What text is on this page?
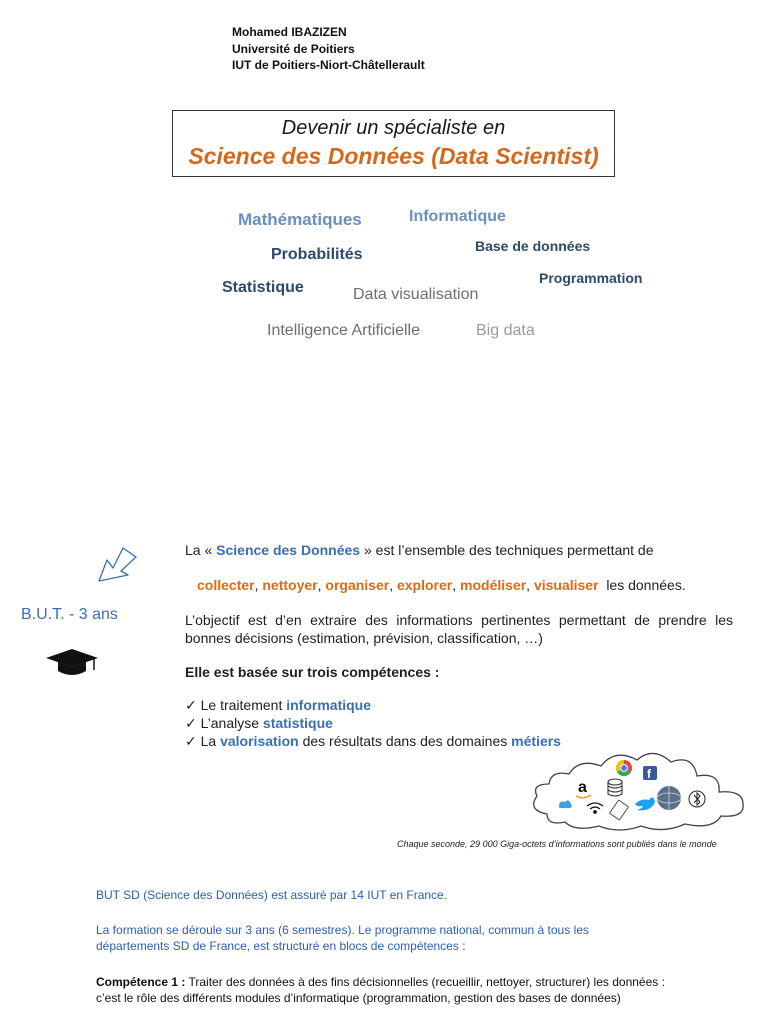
Mohamed IBAZIZEN
Université de Poitiers
IUT de Poitiers-Niort-Châtellerault
Devenir un spécialiste en
Science des Données (Data Scientist)
Mathématiques	Informatique
Probabilités	Base de données
Statistique
Programmation
Data visualisation
Intelligence Artificielle	Big data
B.U.T. - 3 ans
La « Science des Données » est l’ensemble des techniques permettant de
collecter, nettoyer, organiser, explorer, modéliser, visualiser  les données.
L’objectif est d’en extraire des informations pertinentes permettant de prendre les bonnes décisions (estimation, prévision, classification, …)
Elle est basée sur trois compétences :
✓ Le traitement informatique
✓ L’analyse statistique
✓ La valorisation des résultats dans des domaines métiers
f
a
Chaque seconde, 29 000 Giga-octets d’informations sont publiés dans le monde
BUT SD (Science des Données) est assuré par 14 IUT en France.
La formation se déroule sur 3 ans (6 semestres). Le programme national, commun à tous les départements SD de France, est structuré en blocs de compétences :
Compétence 1 : Traiter des données à des fins décisionnelles (recueillir, nettoyer, structurer) les données : c’est le rôle des différents modules d’informatique (programmation, gestion des bases de données)
